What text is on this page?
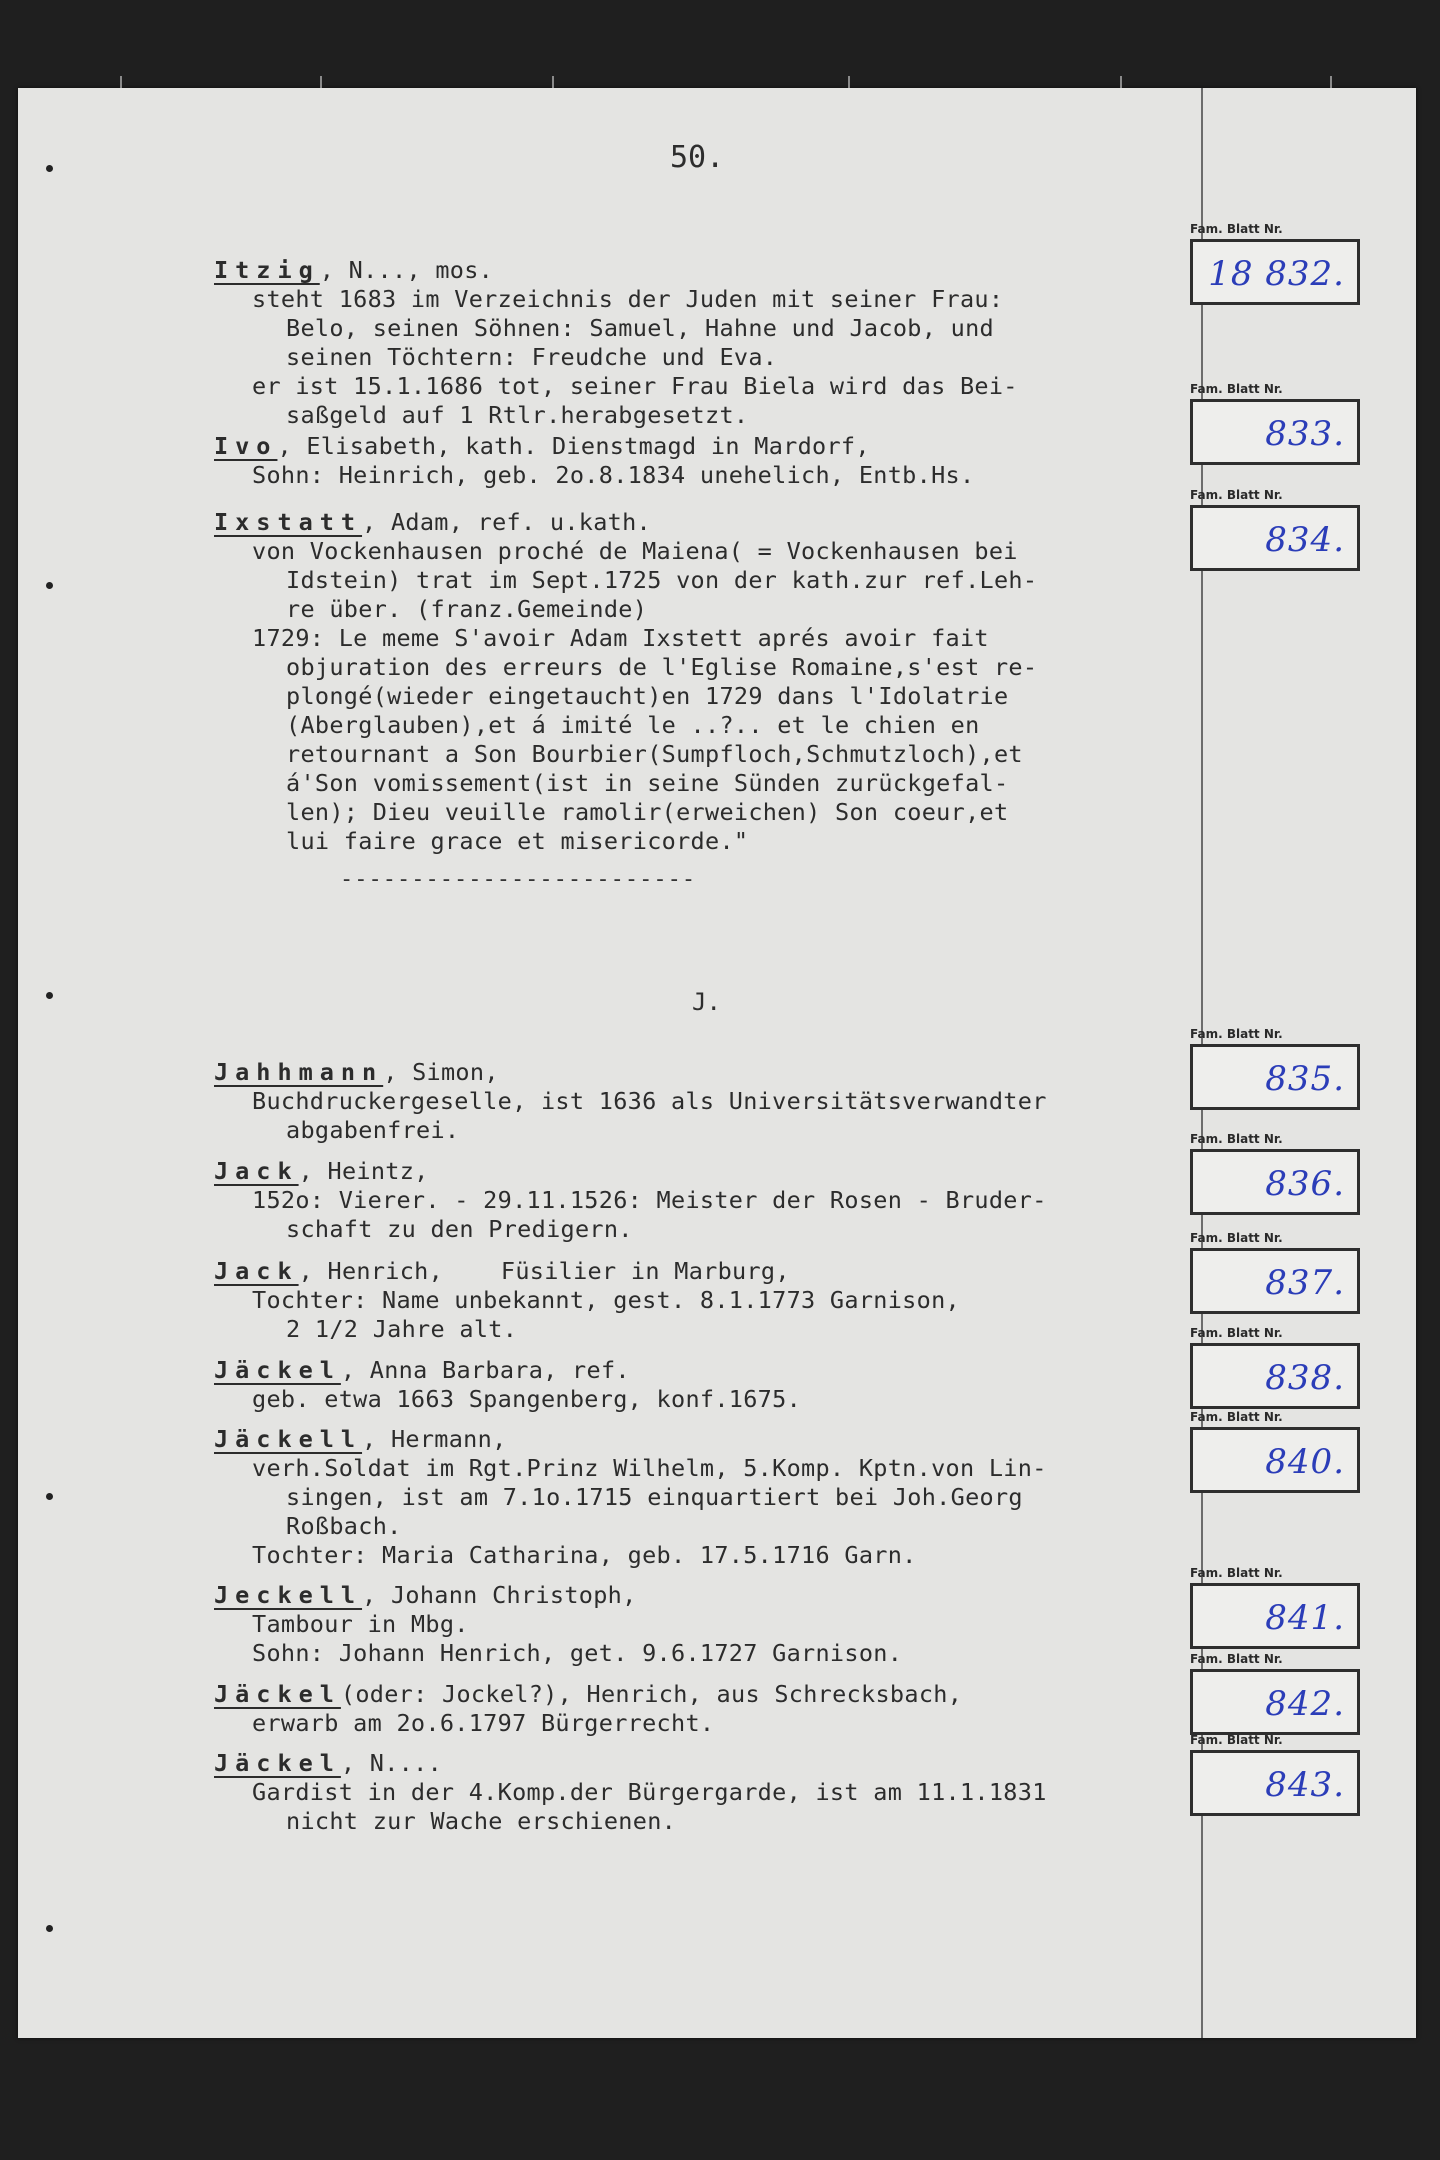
50.
Itzig, N..., mos.
steht 1683 im Verzeichnis der Juden mit seiner Frau:
Belo, seinen Söhnen: Samuel, Hahne und Jacob, und
seinen Töchtern: Freudche und Eva.
er ist 15.1.1686 tot, seiner Frau Biela wird das Bei-
saßgeld auf 1 Rtlr.herabgesetzt.
Ivo, Elisabeth, kath. Dienstmagd in Mardorf,
Sohn: Heinrich, geb. 2o.8.1834 unehelich, Entb.Hs.
Ixstatt, Adam, ref. u.kath.
von Vockenhausen proché de Maiena( = Vockenhausen bei
Idstein) trat im Sept.1725 von der kath.zur ref.Leh-
re über. (franz.Gemeinde)
1729: Le meme S'avoir Adam Ixstett aprés avoir fait
objuration des erreurs de l'Eglise Romaine,s'est re-
plongé(wieder eingetaucht)en 1729 dans l'Idolatrie
(Aberglauben),et á imité le ..?.. et le chien en
retournant a Son Bourbier(Sumpfloch,Schmutzloch),et
á'Son vomissement(ist in seine Sünden zurückgefal-
len); Dieu veuille ramolir(erweichen) Son coeur,et
lui faire grace et misericorde."
-------------------------
J.
Jahhmann, Simon,
Buchdruckergeselle, ist 1636 als Universitätsverwandter
abgabenfrei.
Jack, Heintz,
152o: Vierer. - 29.11.1526: Meister der Rosen - Bruder-
schaft zu den Predigern.
Jack, Henrich,    Füsilier in Marburg,
Tochter: Name unbekannt, gest. 8.1.1773 Garnison,
2 1/2 Jahre alt.
Jäckel, Anna Barbara, ref.
geb. etwa 1663 Spangenberg, konf.1675.
Jäckell, Hermann,
verh.Soldat im Rgt.Prinz Wilhelm, 5.Komp. Kptn.von Lin-
singen, ist am 7.1o.1715 einquartiert bei Joh.Georg
Roßbach.
Tochter: Maria Catharina, geb. 17.5.1716 Garn.
Jeckell, Johann Christoph,
Tambour in Mbg.
Sohn: Johann Henrich, get. 9.6.1727 Garnison.
Jäckel(oder: Jockel?), Henrich, aus Schrecksbach,
erwarb am 2o.6.1797 Bürgerrecht.
Jäckel, N....
Gardist in der 4.Komp.der Bürgergarde, ist am 11.1.1831
nicht zur Wache erschienen.
Fam. Blatt Nr.
18 832.
Fam. Blatt Nr.
833.
Fam. Blatt Nr.
834.
Fam. Blatt Nr.
835.
Fam. Blatt Nr.
836.
Fam. Blatt Nr.
837.
Fam. Blatt Nr.
838.
Fam. Blatt Nr.
840.
Fam. Blatt Nr.
841.
Fam. Blatt Nr.
842.
Fam. Blatt Nr.
843.
